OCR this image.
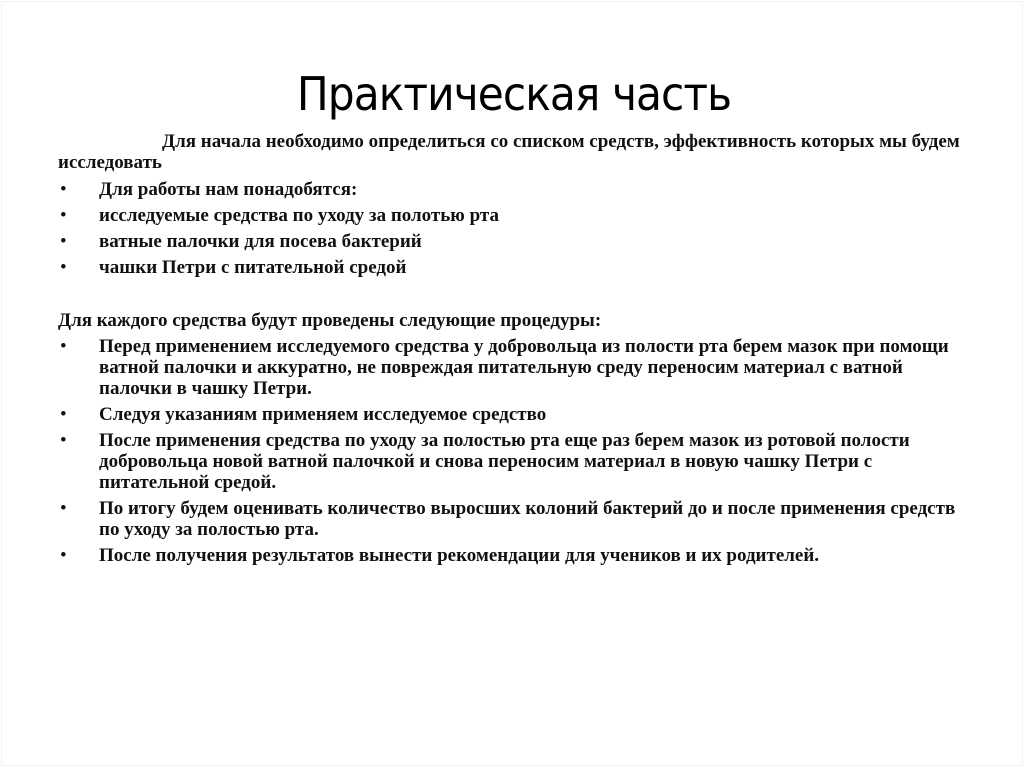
Практическая часть

Для начала необходимо определиться со списком средств, эффективность которых мы будем исследовать

• Для работы нам понадобятся:
• исследуемые средства по уходу за полотью рта
• ватные палочки для посева бактерий
• чашки Петри с питательной средой

Для каждого средства будут проведены следующие процедуры:

• Перед применением исследуемого средства у добровольца из полости рта берем мазок при помощи ватной палочки и аккуратно, не повреждая питательную среду переносим материал с ватной палочки в чашку Петри.
• Следуя указаниям применяем исследуемое средство
• После применения средства по уходу за полостью рта еще раз берем мазок из ротовой полости добровольца новой ватной палочкой и снова переносим материал в новую чашку Петри с питательной средой.
• По итогу будем оценивать количество выросших колоний бактерий до и после применения средств по уходу за полостью рта.
• После получения результатов вынести рекомендации для учеников и их родителей.
